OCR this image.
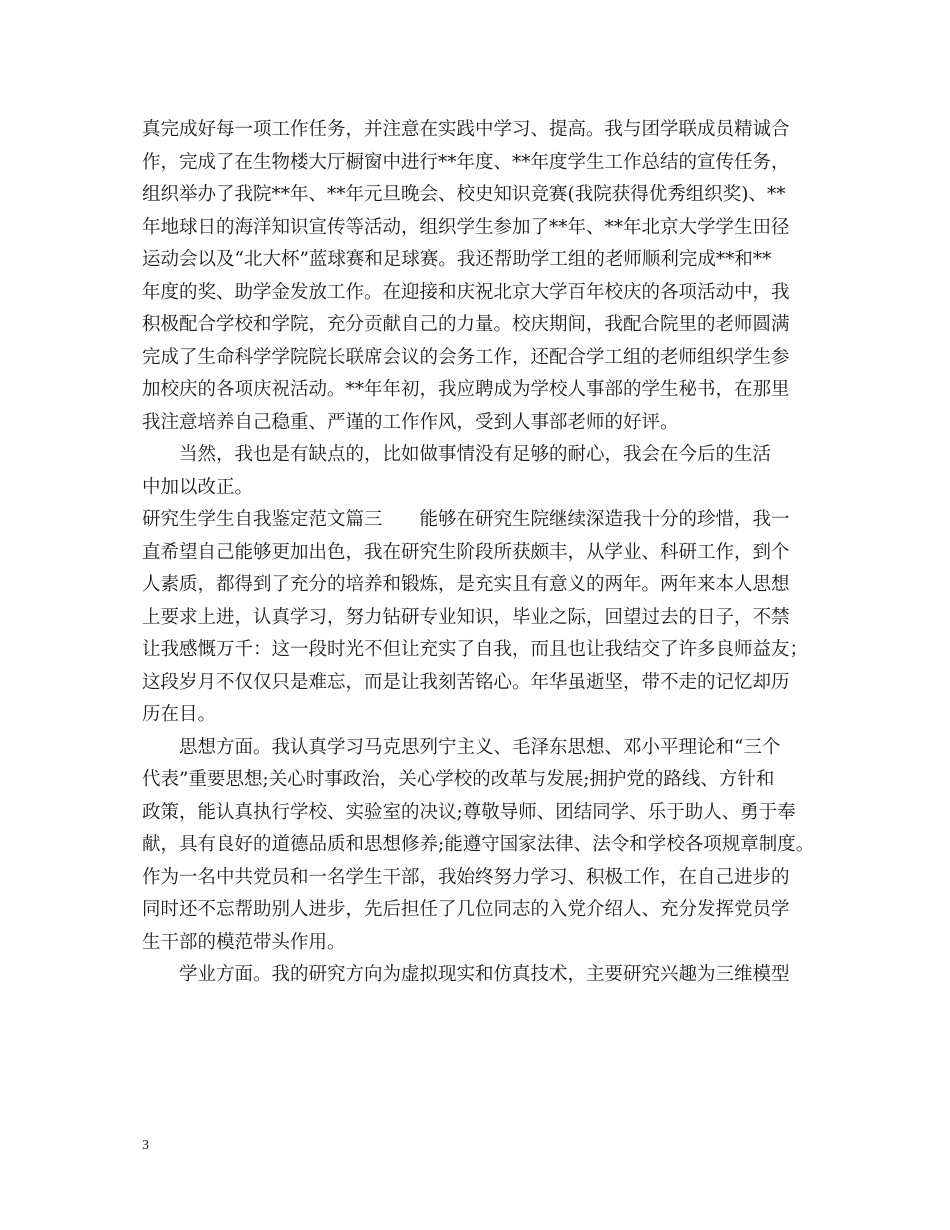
真完成好每一项工作任务，并注意在实践中学习、提高。我与团学联成员精诚合
作，完成了在生物楼大厅橱窗中进行**年度、**年度学生工作总结的宣传任务，
组织举办了我院**年、**年元旦晚会、校史知识竞赛(我院获得优秀组织奖)、**
年地球日的海洋知识宣传等活动，组织学生参加了**年、**年北京大学学生田径
运动会以及“北大杯”蓝球赛和足球赛。我还帮助学工组的老师顺利完成**和**
年度的奖、助学金发放工作。在迎接和庆祝北京大学百年校庆的各项活动中，我
积极配合学校和学院，充分贡献自己的力量。校庆期间，我配合院里的老师圆满
完成了生命科学学院院长联席会议的会务工作，还配合学工组的老师组织学生参
加校庆的各项庆祝活动。**年年初，我应聘成为学校人事部的学生秘书，在那里
我注意培养自己稳重、严谨的工作作风，受到人事部老师的好评。
当然，我也是有缺点的，比如做事情没有足够的耐心，我会在今后的生活
中加以改正。
研究生学生自我鉴定范文篇三　　能够在研究生院继续深造我十分的珍惜，我一
直希望自己能够更加出色，我在研究生阶段所获颇丰，从学业、科研工作，到个
人素质，都得到了充分的培养和锻炼，是充实且有意义的两年。两年来本人思想
上要求上进，认真学习，努力钻研专业知识，毕业之际，回望过去的日子，不禁
让我感慨万千：这一段时光不但让充实了自我，而且也让我结交了许多良师益友；
这段岁月不仅仅只是难忘，而是让我刻苦铭心。年华虽逝坚，带不走的记忆却历
历在目。
思想方面。我认真学习马克思列宁主义、毛泽东思想、邓小平理论和“三个
代表”重要思想;关心时事政治，关心学校的改革与发展;拥护党的路线、方针和
政策，能认真执行学校、实验室的决议;尊敬导师、团结同学、乐于助人、勇于奉
献，具有良好的道德品质和思想修养;能遵守国家法律、法令和学校各项规章制度。
作为一名中共党员和一名学生干部，我始终努力学习、积极工作，在自己进步的
同时还不忘帮助别人进步，先后担任了几位同志的入党介绍人、充分发挥党员学
生干部的模范带头作用。
学业方面。我的研究方向为虚拟现实和仿真技术，主要研究兴趣为三维模型
3
